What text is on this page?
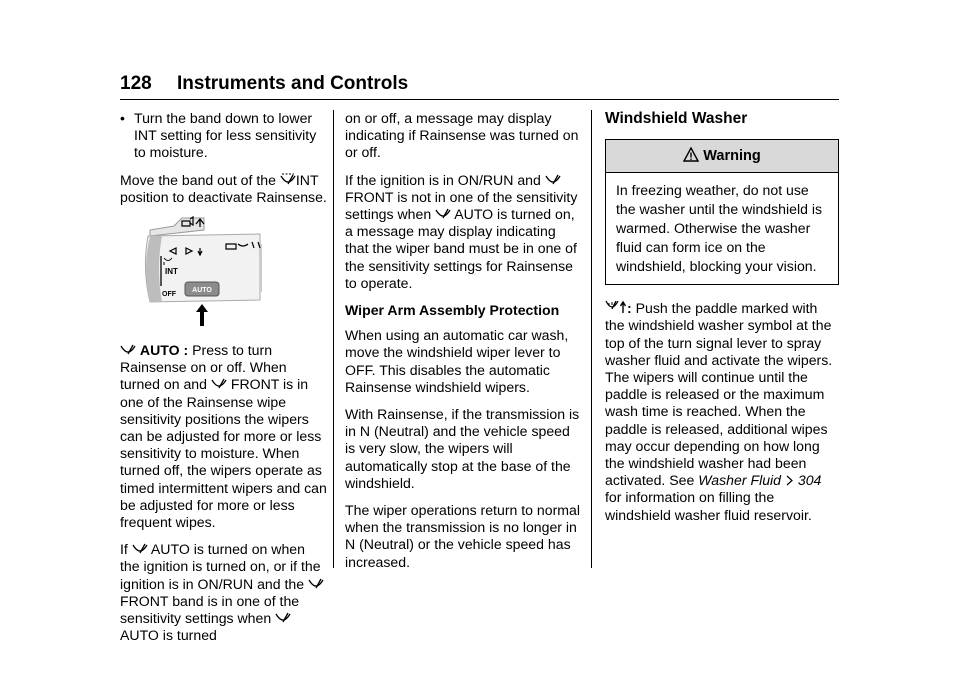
128 Instruments and Controls
• Turn the band down to lower INT setting for less sensitivity to moisture.

Move the band out of the INT position to deactivate Rainsense.

INT
OFF
AUTO

AUTO : Press to turn Rainsense on or off. When turned on and FRONT is in one of the Rainsense wipe sensitivity positions the wipers can be adjusted for more or less sensitivity to moisture. When turned off, the wipers operate as timed intermittent wipers and can be adjusted for more or less frequent wipes.

If AUTO is turned on when the ignition is turned on, or if the ignition is in ON/RUN and the
FRONT band is in one of the sensitivity settings when
AUTO is turned

on or off, a message may display indicating if Rainsense was turned on or off.

If the ignition is in ON/RUN and
FRONT is not in one of the sensitivity settings when AUTO is turned on, a message may display indicating that the wiper band must be in one of the sensitivity settings for Rainsense to operate.

Wiper Arm Assembly Protection

When using an automatic car wash, move the windshield wiper lever to OFF. This disables the automatic Rainsense windshield wipers.

With Rainsense, if the transmission is in N (Neutral) and the vehicle speed is very slow, the wipers will automatically stop at the base of the windshield.

The wiper operations return to normal when the transmission is no longer in N (Neutral) or the vehicle speed has increased.

Windshield Washer
Warning
In freezing weather, do not use the washer until the windshield is warmed. Otherwise the washer fluid can form ice on the windshield, blocking your vision.

: Push the paddle marked with the windshield washer symbol at the top of the turn signal lever to spray washer fluid and activate the wipers. The wipers will continue until the paddle is released or the maximum wash time is reached. When the paddle is released, additional wipes may occur depending on how long the windshield washer had been activated. See Washer Fluid 304 for information on filling the windshield washer fluid reservoir.
